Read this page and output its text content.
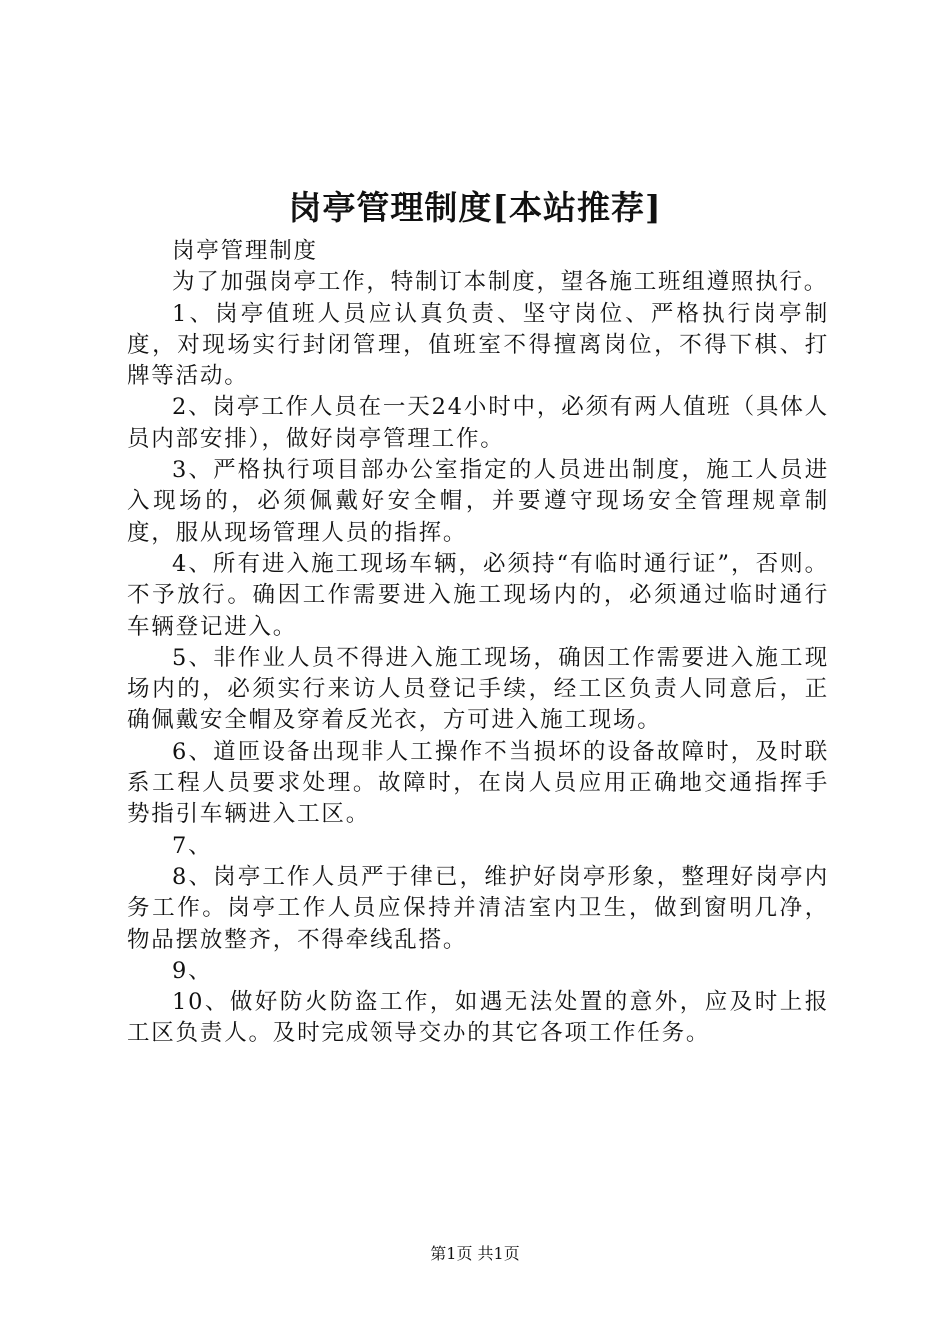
岗亭管理制度[本站推荐]

岗亭管理制度

为了加强岗亭工作，特制订本制度，望各施工班组遵照执行。

1、岗亭值班人员应认真负责、坚守岗位、严格执行岗亭制度，对现场实行封闭管理，值班室不得擅离岗位，不得下棋、打牌等活动。

2、岗亭工作人员在一天24小时中，必须有两人值班（具体人员内部安排），做好岗亭管理工作。

3、严格执行项目部办公室指定的人员进出制度，施工人员进入现场的，必须佩戴好安全帽，并要遵守现场安全管理规章制度，服从现场管理人员的指挥。

4、所有进入施工现场车辆，必须持“有临时通行证”，否则。不予放行。确因工作需要进入施工现场内的，必须通过临时通行车辆登记进入。

5、非作业人员不得进入施工现场，确因工作需要进入施工现场内的，必须实行来访人员登记手续，经工区负责人同意后，正确佩戴安全帽及穿着反光衣，方可进入施工现场。

6、道匝设备出现非人工操作不当损坏的设备故障时，及时联系工程人员要求处理。故障时，在岗人员应用正确地交通指挥手势指引车辆进入工区。

7、

8、岗亭工作人员严于律已，维护好岗亭形象，整理好岗亭内务工作。岗亭工作人员应保持并清洁室内卫生，做到窗明几净，物品摆放整齐，不得牵线乱搭。

9、

10、做好防火防盗工作，如遇无法处置的意外，应及时上报工区负责人。及时完成领导交办的其它各项工作任务。

第1页 共1页
